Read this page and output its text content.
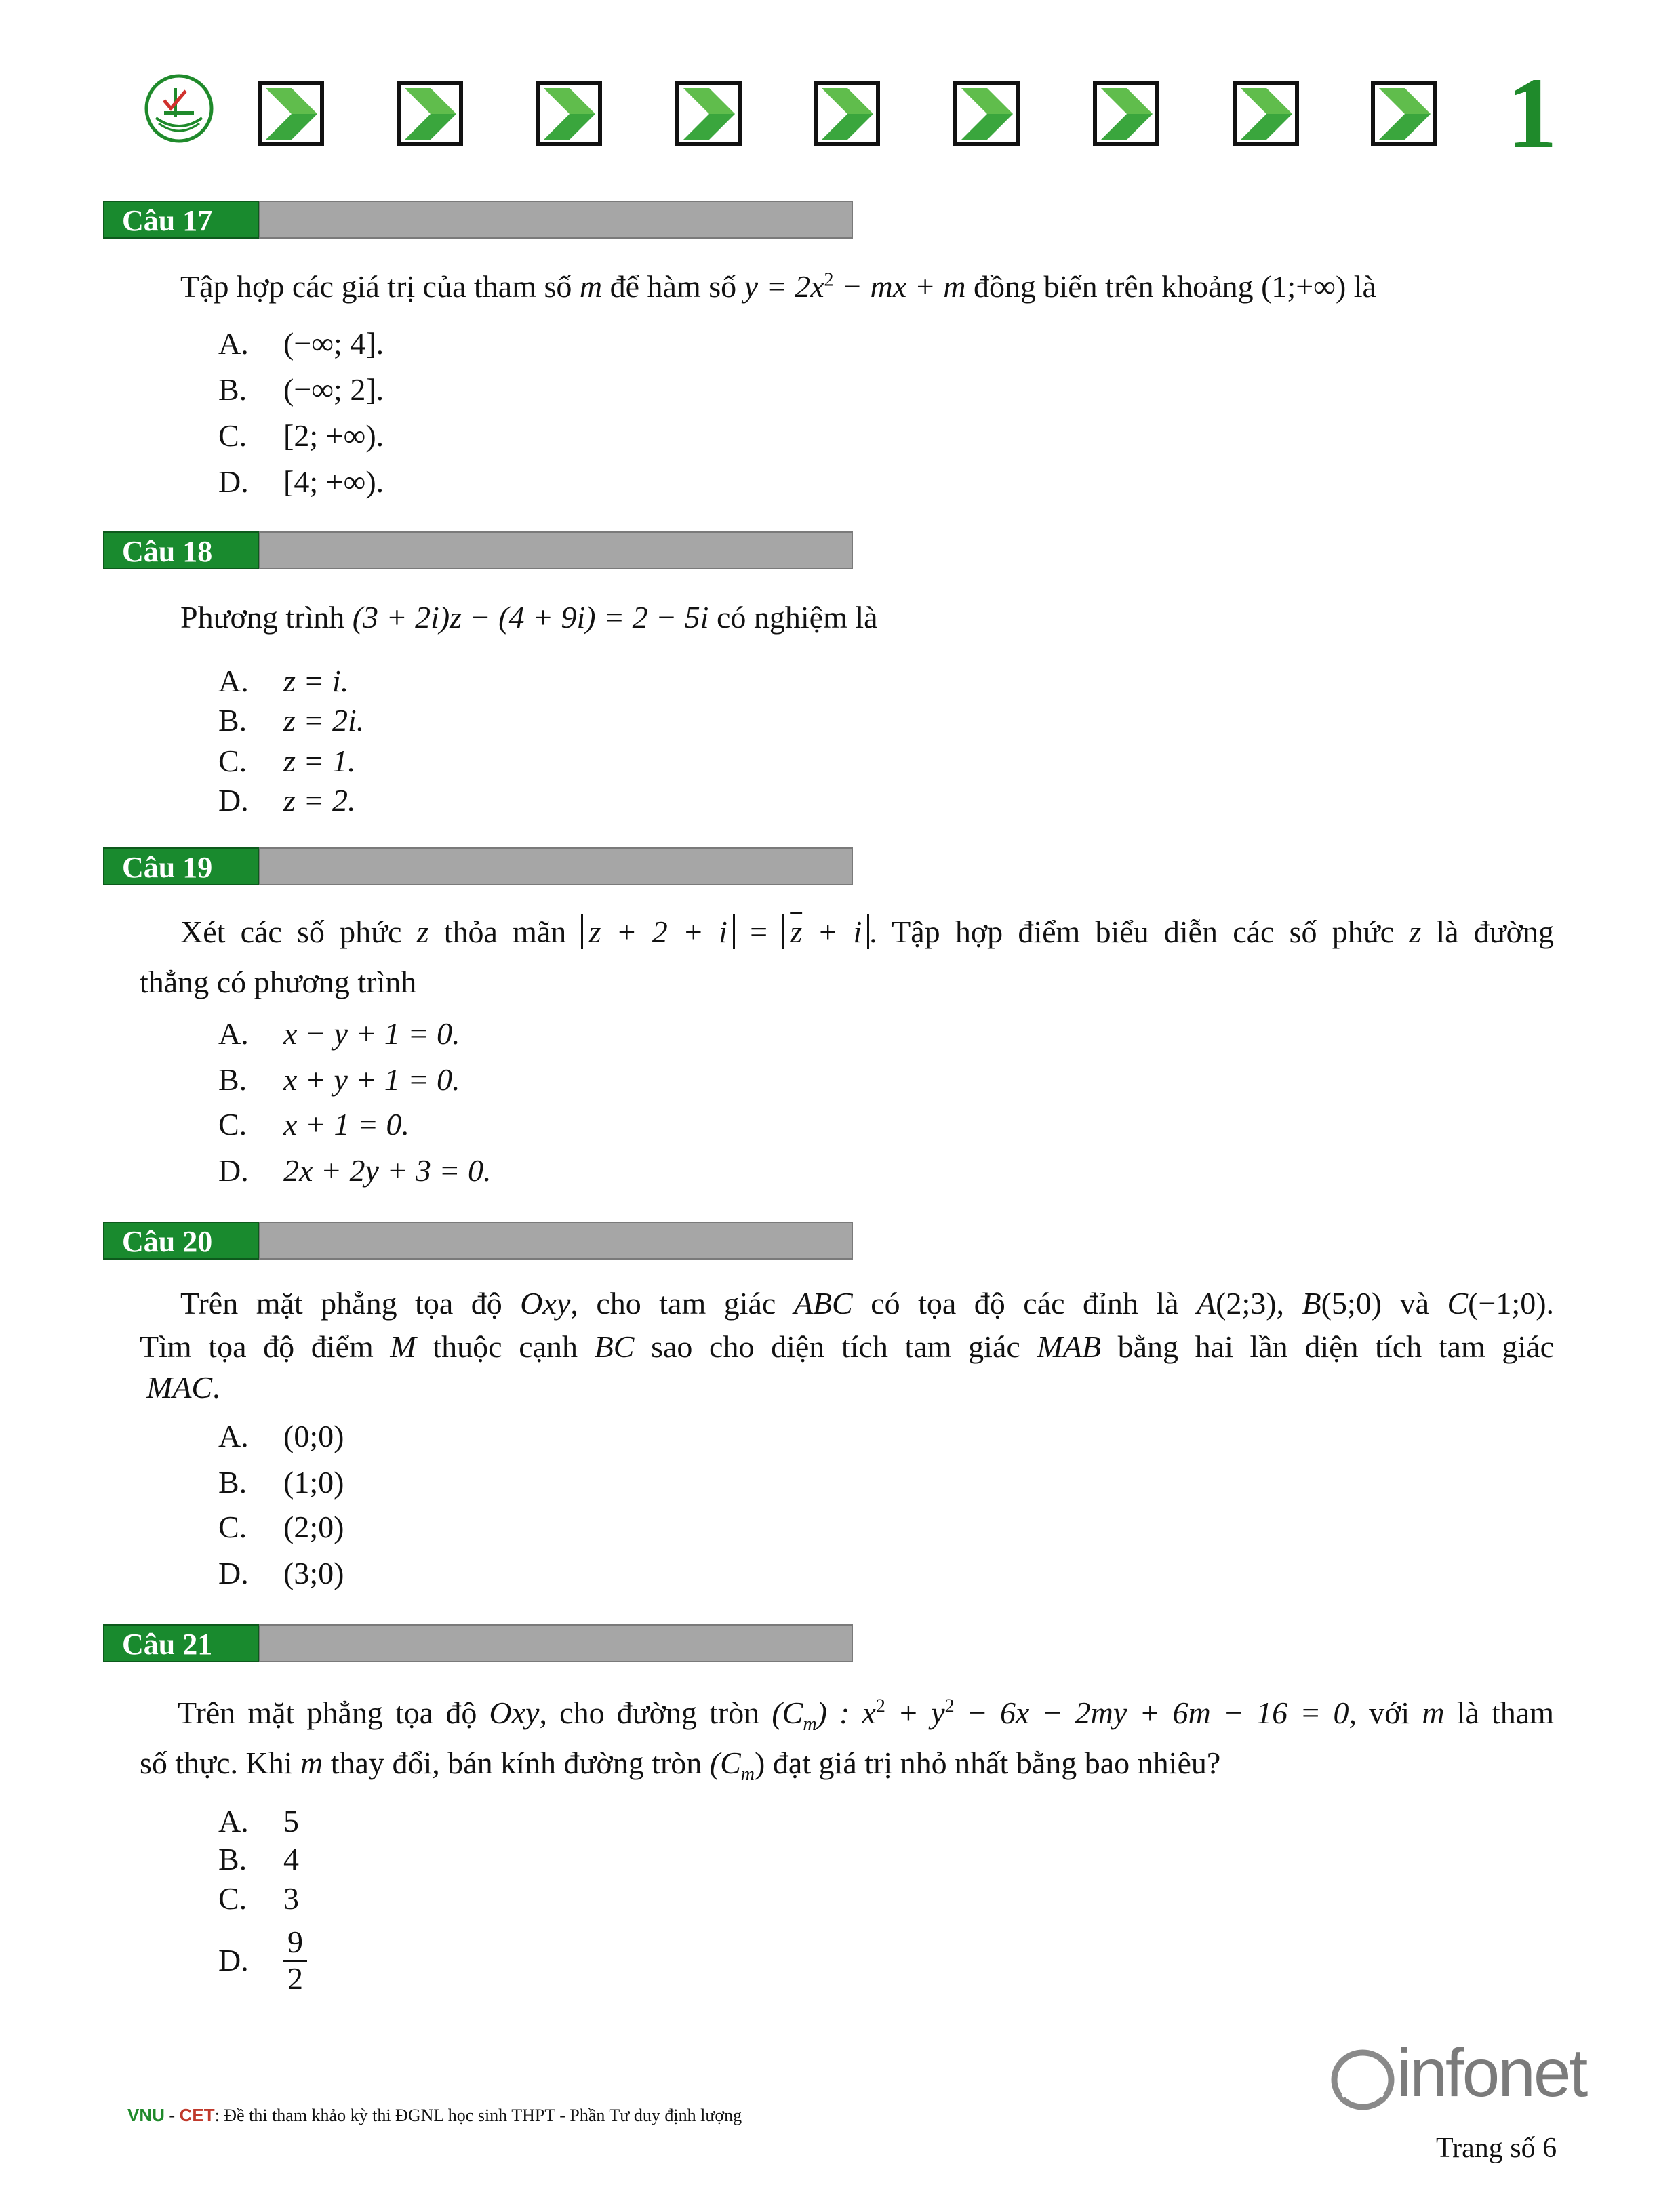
1
Câu 17
Tập hợp các giá trị của tham số m để hàm số $y = 2x^2$ − mx + m đồng biến trên khoảng (1;+∞) là
A. (−∞; 4].
B. (−∞; 2].
C. [2; +∞).
D. [4; +∞).
Câu 18
Phương trình (3 + 2i)z − (4 + 9i) = 2 − 5i có nghiệm là
A. z = i.
B. z = 2i.
C. z = 1.
D. z = 2.
Câu 19
Xét các số phức z thỏa mãn $z + 2 + i = \overline{z} + i$ . Tập hợp điểm biểu diễn các số phức z là đường
thẳng có phương trình
A. x − y + 1 = 0.
B. x + y + 1 = 0.
C. x + 1 = 0.
D. 2x + 2y + 3 = 0.
Câu 20
Trên mặt phẳng tọa độ Oxy, cho tam giác ABC có tọa độ các đỉnh là A(2;3), B(5;0) và C(−1;0).
Tìm tọa độ điểm M thuộc cạnh BC sao cho diện tích tam giác MAB bằng hai lần diện tích tam giác
MAC.
A. (0;0)
B. (1;0)
C. (2;0)
D. (3;0)
Câu 21
Trên mặt phẳng tọa độ Oxy, cho đường tròn $(C_m)$ : $x^2 + y^2 - 6x - 2my + 6m - 16 = 0$, với m là tham
số thực. Khi m thay đổi, bán kính đường tròn $(C_m)$ đạt giá trị nhỏ nhất bằng bao nhiêu?
A. 5
B. 4
C. 3
D. $\frac{9}{2}$
VNU - CET: Đề thi tham khảo kỳ thi ĐGNL học sinh THPT - Phần Tư duy định lượng
infonet
Trang số 6
